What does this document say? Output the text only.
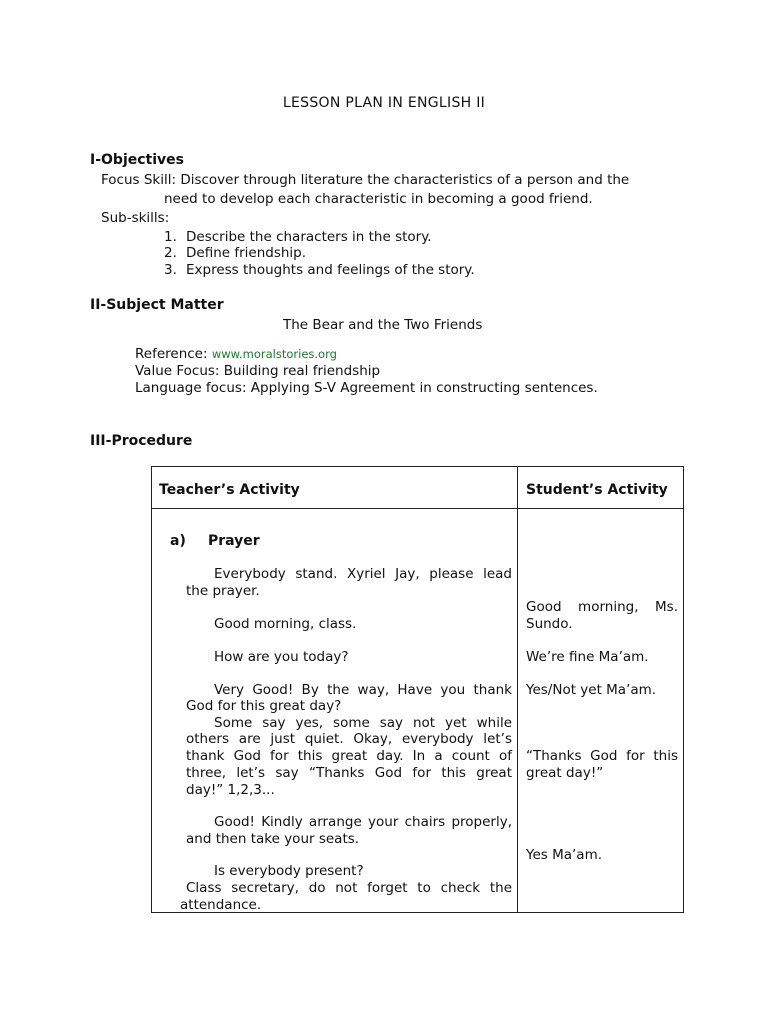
LESSON PLAN IN ENGLISH II
I-Objectives
Focus Skill: Discover through literature the characteristics of a person and the
need to develop each characteristic in becoming a good friend.
Sub-skills:
1. Describe the characters in the story.
2. Define friendship.
3. Express thoughts and feelings of the story.
II-Subject Matter
The Bear and the Two Friends
Reference: www.moralstories.org
Value Focus: Building real friendship
Language focus: Applying S-V Agreement in constructing sentences.
III-Procedure
Teacher’s Activity	Student’s Activity
a) Prayer
Everybody stand. Xyriel Jay, please lead
the prayer.
Good morning, class.
How are you today?
Very Good! By the way, Have you thank
God for this great day?
Some say yes, some say not yet while
others are just quiet. Okay, everybody let’s
thank God for this great day. In a count of
three, let’s say “Thanks God for this great
day!” 1,2,3...
Good! Kindly arrange your chairs properly,
and then take your seats.
Is everybody present?
Class secretary, do not forget to check the
attendance.
Good morning, Ms.
Sundo.
We’re fine Ma’am.
Yes/Not yet Ma’am.
“Thanks God for this
great day!”
Yes Ma’am.
